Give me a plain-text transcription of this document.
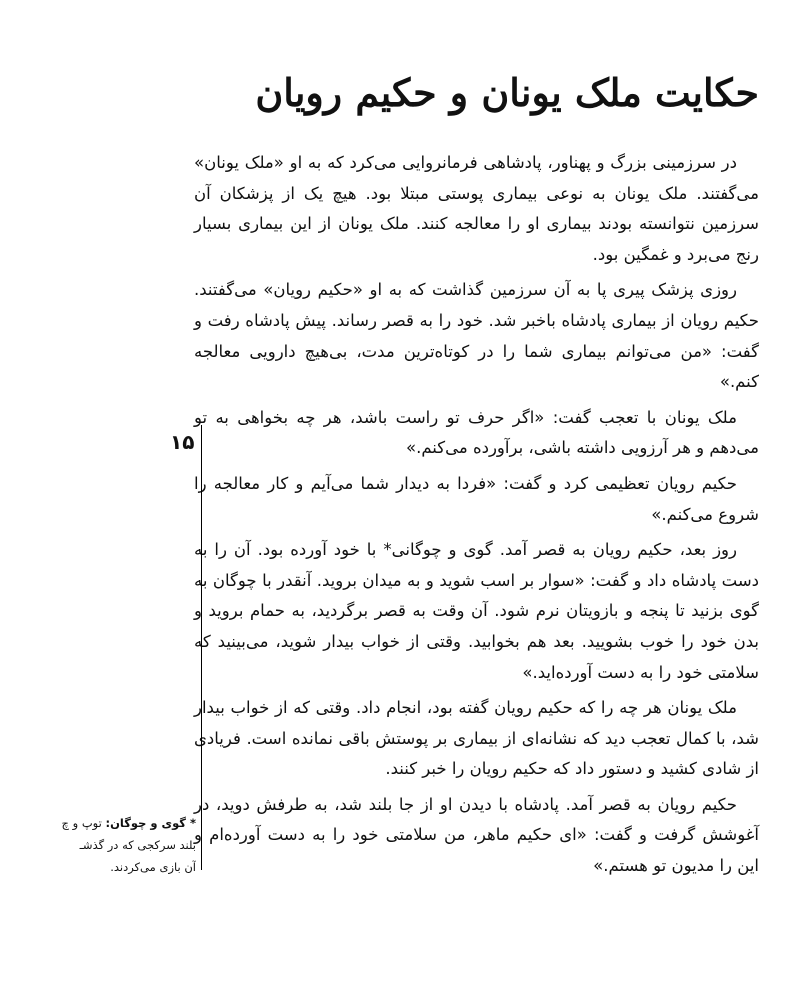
حکایت ملک یونان و حکیم رویان

در سرزمینی بزرگ و پهناور، پادشاهی فرمانروایی می‌کرد که به او «ملک یونان» می‌گفتند. ملک یونان به نوعی بیماری پوستی مبتلا بود. هیچ یک از پزشکان آن سرزمین نتوانسته بودند بیماری او را معالجه کنند. ملک یونان از این بیماری بسیار رنج می‌برد و غمگین بود.

روزی پزشک پیری پا به آن سرزمین گذاشت که به او «حکیم رویان» می‌گفتند. حکیم رویان از بیماری پادشاه باخبر شد. خود را به قصر رساند. پیش پادشاه رفت و گفت: «من می‌توانم بیماری شما را در کوتاه‌ترین مدت، بی‌هیچ دارویی معالجه کنم.»

ملک یونان با تعجب گفت: «اگر حرف تو راست باشد، هر چه بخواهی به تو می‌دهم و هر آرزویی داشته باشی، برآورده می‌کنم.»

حکیم رویان تعظیمی کرد و گفت: «فردا به دیدار شما می‌آیم و کار معالجه را شروع می‌کنم.»

روز بعد، حکیم رویان به قصر آمد. گوی و چوگانی* با خود آورده بود. آن را به دست پادشاه داد و گفت: «سوار بر اسب شوید و به میدان بروید. آنقدر با چوگان به گوی بزنید تا پنجه و بازویتان نرم شود. آن وقت به قصر برگردید، به حمام بروید و بدن خود را خوب بشویید. بعد هم بخوابید. وقتی از خواب بیدار شوید، می‌بینید که سلامتی خود را به دست آورده‌اید.»

ملک یونان هر چه را که حکیم رویان گفته بود، انجام داد. وقتی که از خواب بیدار شد، با کمال تعجب دید که نشانه‌ای از بیماری بر پوستش باقی نمانده است. فریادی از شادی کشید و دستور داد که حکیم رویان را خبر کنند.

حکیم رویان به قصر آمد. پادشاه با دیدن او از جا بلند شد، به طرفش دوید، در آغوشش گرفت و گفت: «ای حکیم ماهر، من سلامتی خود را به دست آورده‌ام و این را مدیون تو هستم.»

۱۵
* گوی و چوگان: توپ و چ
بلند سرکجی که در گذشـ
آن بازی می‌کردند.
